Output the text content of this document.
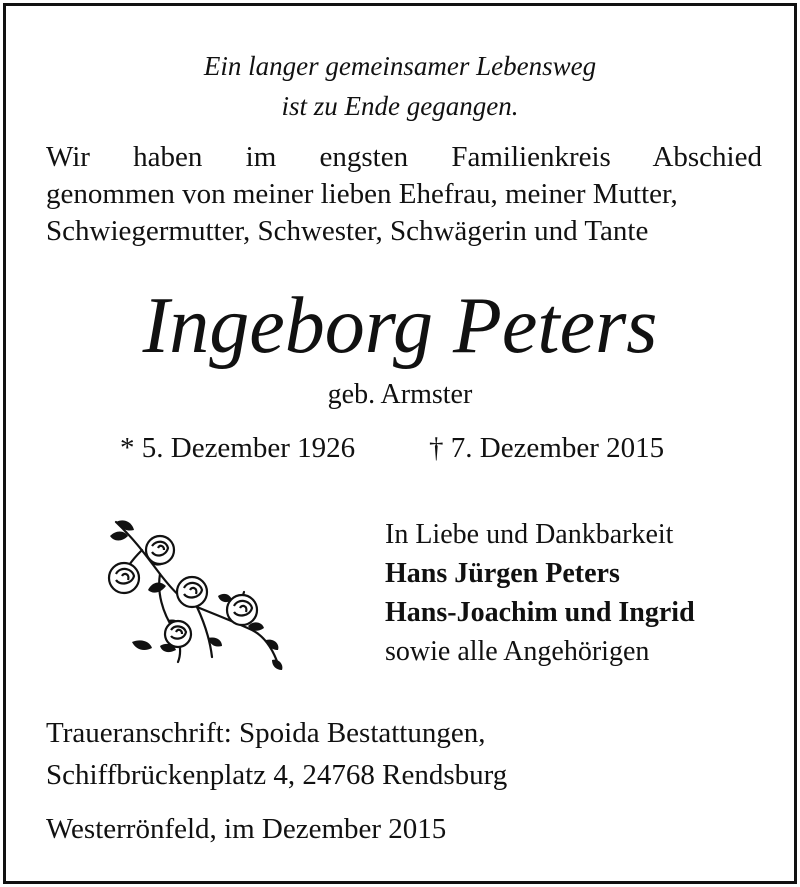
Ein langer gemeinsamer Lebensweg
ist zu Ende gegangen.
Wir haben im engsten Familienkreis Abschied
genommen von meiner lieben Ehefrau, meiner Mutter,
Schwiegermutter, Schwester, Schwägerin und Tante
Ingeborg Peters
geb. Armster
* 5. Dezember 1926	† 7. Dezember 2015
In Liebe und Dankbarkeit
Hans Jürgen Peters
Hans-Joachim und Ingrid
sowie alle Angehörigen
Traueranschrift: Spoida Bestattungen,
Schiffbrückenplatz 4, 24768 Rendsburg
Westerrönfeld, im Dezember 2015
